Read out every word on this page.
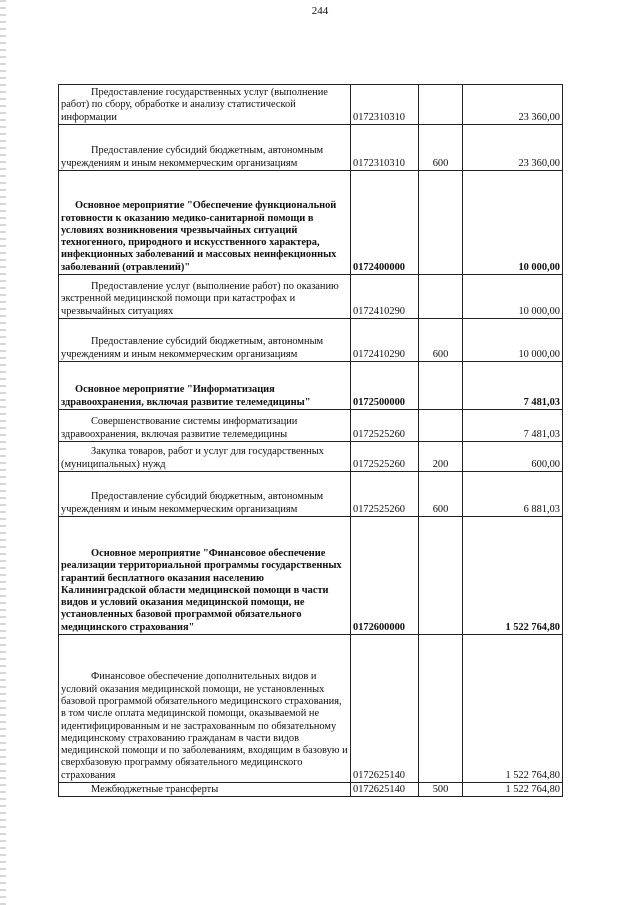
244
Предоставление государственных услуг (выполнение работ) по сбору, обработке и анализу статистической информации	0172310310		23 360,00
Предоставление субсидий бюджетным, автономным учреждениям и иным некоммерческим организациям	0172310310	600	23 360,00
Основное мероприятие "Обеспечение функциональной готовности к оказанию медико-санитарной помощи в условиях возникновения чрезвычайных ситуаций техногенного, природного и искусственного характера, инфекционных заболеваний и массовых неинфекционных заболеваний (отравлений)"	0172400000		10 000,00
Предоставление услуг (выполнение работ) по оказанию экстренной медицинской помощи при катастрофах и чрезвычайных ситуациях	0172410290		10 000,00
Предоставление субсидий бюджетным, автономным учреждениям и иным некоммерческим организациям	0172410290	600	10 000,00
Основное мероприятие "Информатизация здравоохранения, включая развитие телемедицины"	0172500000		7 481,03
Совершенствование системы информатизации здравоохранения, включая развитие телемедицины	0172525260		7 481,03
Закупка товаров, работ и услуг для государственных (муниципальных) нужд	0172525260	200	600,00
Предоставление субсидий бюджетным, автономным учреждениям и иным некоммерческим организациям	0172525260	600	6 881,03
Основное мероприятие "Финансовое обеспечение реализации территориальной программы государственных гарантий бесплатного оказания населению Калининградской области медицинской помощи в части видов и условий оказания медицинской помощи, не установленных базовой программой обязательного медицинского страхования"	0172600000		1 522 764,80
Финансовое обеспечение дополнительных видов и условий оказания медицинской помощи, не установленных базовой программой обязательного медицинского страхования, в том числе оплата медицинской помощи, оказываемой не идентифицированным и не застрахованным по обязательному медицинскому страхованию гражданам в части видов медицинской помощи и по заболеваниям, входящим в базовую и сверхбазовую программу обязательного медицинского страхования	0172625140		1 522 764,80
Межбюджетные трансферты	0172625140	500	1 522 764,80
